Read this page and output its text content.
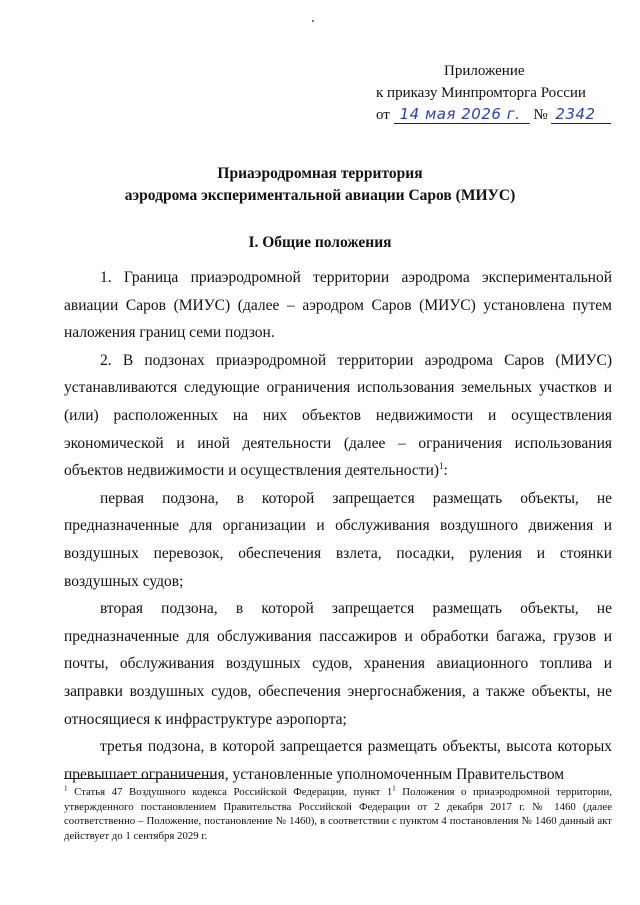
Приложение
к приказу Минпромторга России
от 14 мая 2026 г. № 2342
Приаэродромная территория
аэродрома экспериментальной авиации Саров (МИУС)
I. Общие положения

1. Граница приаэродромной территории аэродрома экспериментальной авиации Саров (МИУС) (далее – аэродром Саров (МИУС) установлена путем наложения границ семи подзон.

2. В подзонах приаэродромной территории аэродрома Саров (МИУС) устанавливаются следующие ограничения использования земельных участков и (или) расположенных на них объектов недвижимости и осуществления экономической и иной деятельности (далее – ограничения использования объектов недвижимости и осуществления деятельности)$^1$:

первая подзона, в которой запрещается размещать объекты, не предназначенные для организации и обслуживания воздушного движения и воздушных перевозок, обеспечения взлета, посадки, руления и стоянки воздушных судов;

вторая подзона, в которой запрещается размещать объекты, не предназначенные для обслуживания пассажиров и обработки багажа, грузов и почты, обслуживания воздушных судов, хранения авиационного топлива и заправки воздушных судов, обеспечения энергоснабжения, а также объекты, не относящиеся к инфраструктуре аэропорта;

третья подзона, в которой запрещается размещать объекты, высота которых превышает ограничения, установленные уполномоченным Правительством

$^1$ Статья 47 Воздушного кодекса Российской Федерации, пункт $1^1$ Положения о приаэродромной территории, утвержденного постановлением Правительства Российской Федерации от 2 декабря 2017 г. № 1460 (далее соответственно – Положение, постановление № 1460), в соответствии с пунктом 4 постановления № 1460 данный акт действует до 1 сентября 2029 г.
